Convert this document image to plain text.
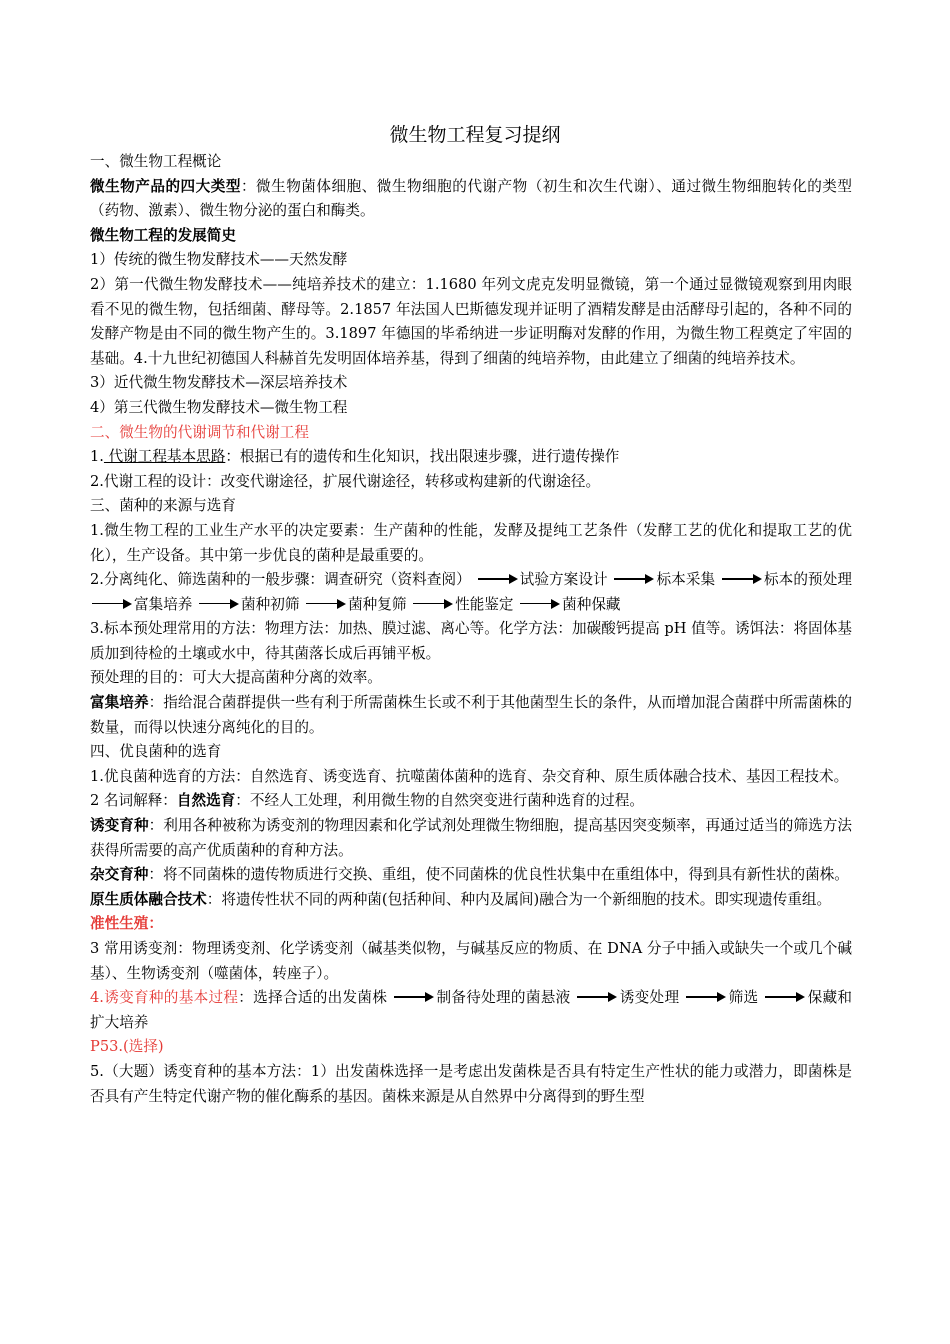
微生物工程复习提纲

一、微生物工程概论

微生物产品的四大类型：微生物菌体细胞、微生物细胞的代谢产物（初生和次生代谢）、通过微生物细胞转化的类型（药物、激素）、微生物分泌的蛋白和酶类。

微生物工程的发展简史

1）传统的微生物发酵技术——天然发酵

2）第一代微生物发酵技术——纯培养技术的建立：1.1680 年列文虎克发明显微镜，第一个通过显微镜观察到用肉眼看不见的微生物，包括细菌、酵母等。2.1857 年法国人巴斯德发现并证明了酒精发酵是由活酵母引起的，各种不同的发酵产物是由不同的微生物产生的。3.1897 年德国的毕希纳进一步证明酶对发酵的作用，为微生物工程奠定了牢固的基础。4.十九世纪初德国人科赫首先发明固体培养基，得到了细菌的纯培养物，由此建立了细菌的纯培养技术。

3）近代微生物发酵技术—深层培养技术

4）第三代微生物发酵技术—微生物工程

二、微生物的代谢调节和代谢工程

1. 代谢工程基本思路：根据已有的遗传和生化知识，找出限速步骤，进行遗传操作

2.代谢工程的设计：改变代谢途径，扩展代谢途径，转移或构建新的代谢途径。

三、菌种的来源与选育

1.微生物工程的工业生产水平的决定要素：生产菌种的性能，发酵及提纯工艺条件（发酵工艺的优化和提取工艺的优化），生产设备。其中第一步优良的菌种是最重要的。

2.分离纯化、筛选菌种的一般步骤：调查研究（资料查阅）	试验方案设计	标本采集	标本的预处理 富集培养	菌种初筛	菌种复筛	性能鉴定	菌种保藏

3.标本预处理常用的方法：物理方法：加热、膜过滤、离心等。化学方法：加碳酸钙提高 pH 值等。诱饵法：将固体基质加到待检的土壤或水中，待其菌落长成后再铺平板。

预处理的目的：可大大提高菌种分离的效率。

富集培养：指给混合菌群提供一些有利于所需菌株生长或不利于其他菌型生长的条件，从而增加混合菌群中所需菌株的数量，而得以快速分离纯化的目的。

四、优良菌种的选育

1.优良菌种选育的方法：自然选育、诱变选育、抗噬菌体菌种的选育、杂交育种、原生质体融合技术、基因工程技术。

2 名词解释：自然选育：不经人工处理，利用微生物的自然突变进行菌种选育的过程。

诱变育种：利用各种被称为诱变剂的物理因素和化学试剂处理微生物细胞，提高基因突变频率，再通过适当的筛选方法获得所需要的高产优质菌种的育种方法。

杂交育种：将不同菌株的遗传物质进行交换、重组，使不同菌株的优良性状集中在重组体中，得到具有新性状的菌株。

原生质体融合技术：将遗传性状不同的两种菌(包括种间、种内及属间)融合为一个新细胞的技术。即实现遗传重组。

准性生殖：

3 常用诱变剂：物理诱变剂、化学诱变剂（碱基类似物，与碱基反应的物质、在 DNA 分子中插入或缺失一个或几个碱基）、生物诱变剂（噬菌体，转座子）。

4.诱变育种的基本过程：选择合适的出发菌株	制备待处理的菌悬液	诱变处理	筛选	保藏和扩大培养

P53.(选择)

5.（大题）诱变育种的基本方法：1）出发菌株选择一是考虑出发菌株是否具有特定生产性状的能力或潜力，即菌株是否具有产生特定代谢产物的催化酶系的基因。菌株来源是从自然界中分离得到的野生型
